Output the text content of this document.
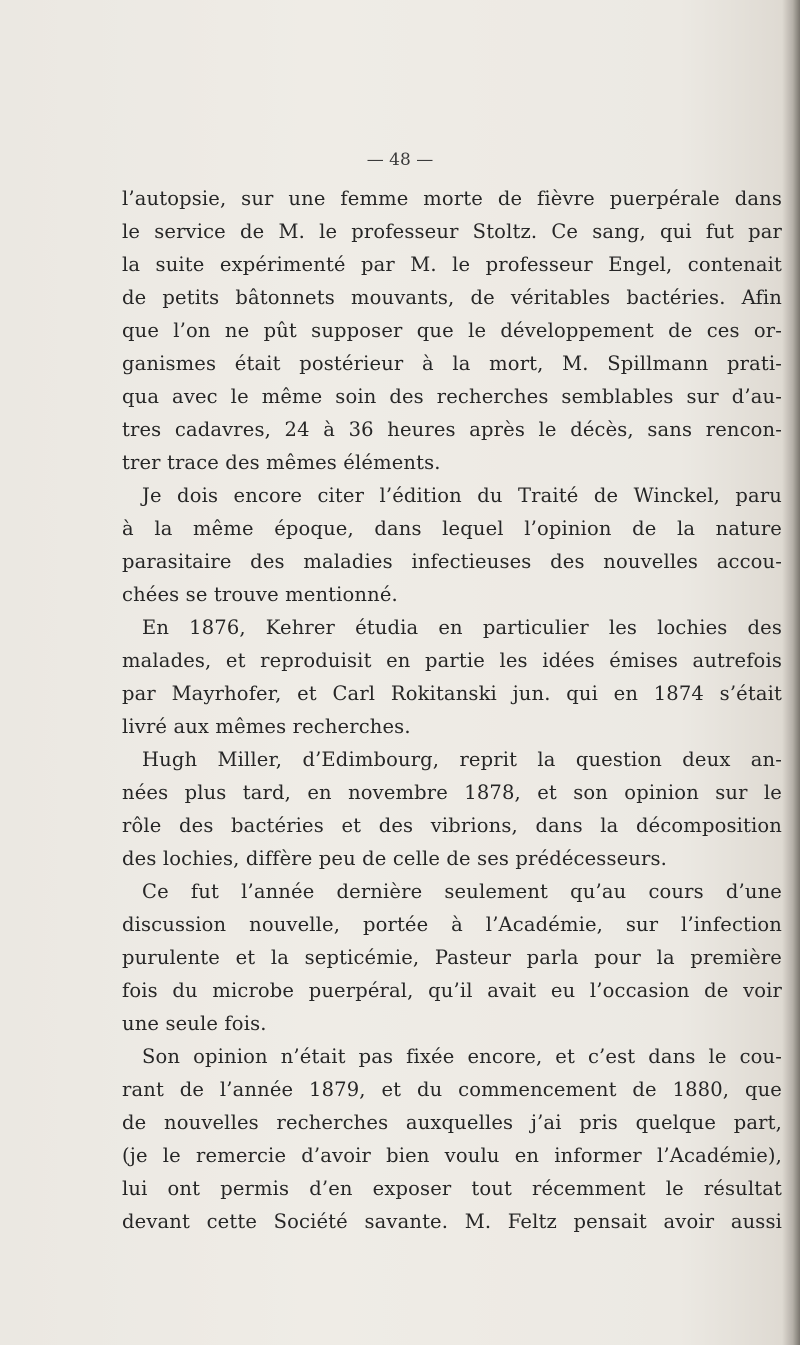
— 48 —
l’autopsie, sur une femme morte de fièvre puerpérale dans
le service de M. le professeur Stoltz. Ce sang, qui fut par
la suite expérimenté par M. le professeur Engel, contenait
de petits bâtonnets mouvants, de véritables bactéries. Afin
que l’on ne pût supposer que le développement de ces or-
ganismes était postérieur à la mort, M. Spillmann prati-
qua avec le même soin des recherches semblables sur d’au-
tres cadavres, 24 à 36 heures après le décès, sans rencon-
trer trace des mêmes éléments.
Je dois encore citer l’édition du Traité de Winckel, paru
à la même époque, dans lequel l’opinion de la nature
parasitaire des maladies infectieuses des nouvelles accou-
chées se trouve mentionné.
En 1876, Kehrer étudia en particulier les lochies des
malades, et reproduisit en partie les idées émises autrefois
par Mayrhofer, et Carl Rokitanski jun. qui en 1874 s’était
livré aux mêmes recherches.
Hugh Miller, d’Edimbourg, reprit la question deux an-
nées plus tard, en novembre 1878, et son opinion sur le
rôle des bactéries et des vibrions, dans la décomposition
des lochies, diffère peu de celle de ses prédécesseurs.
Ce fut l’année dernière seulement qu’au cours d’une
discussion nouvelle, portée à l’Académie, sur l’infection
purulente et la septicémie, Pasteur parla pour la première
fois du microbe puerpéral, qu’il avait eu l’occasion de voir
une seule fois.
Son opinion n’était pas fixée encore, et c’est dans le cou-
rant de l’année 1879, et du commencement de 1880, que
de nouvelles recherches auxquelles j’ai pris quelque part,
(je le remercie d’avoir bien voulu en informer l’Académie),
lui ont permis d’en exposer tout récemment le résultat
devant cette Société savante. M. Feltz pensait avoir aussi
